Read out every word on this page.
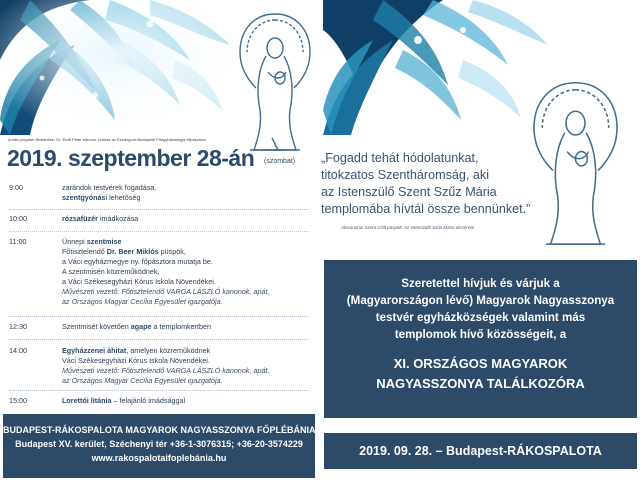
A lelki program fővédnöke: Dr. Erdő Péter bíboros, prímás az Esztergom-Budapesti Főegyházmegye főpásztora
2019. szeptember 28-án (szombat)
9:00	zarándok testvérek fogadása,
szentgyónási lehetőség
10:00	rózsafüzér imádkozása
11:00	Ünnepi szentmise
Főtisztelendő Dr. Beer Miklós püspök,
a Váci egyházmegye ny. főpásztora mutatja be.
A szentmisén közreműködnek,
a Váci Székesegyházi Kórus Iskola Növendékei.
Művészeti vezető: Főtisztelendő VARGA LÁSZLÓ kanonok, apát,
az Országos Magyar Cecília Egyesület igazgatója.
12:30	Szentmisét követően agape a templomkertben
14:00	Egyházzenei áhitat, amelyen közreműködnek
Váci Székesegyházi Kórus Iskola Növendékei.
Művészeti vezető: Főtisztelendő VARGA LÁSZLÓ kanonok, apát,
az Országos Magyar Cecília Egyesület igazgatója.
15:00	Lorettói litánia – felajánló imádsággal
BUDAPEST-RÁKOSPALOTA MAGYAROK NAGYASSZONYA FŐPLÉBÁNIA
Budapest XV. kerület, Széchenyi tér +36-1-3076315; +36-20-3574229
www.rakospalotaifoplebánia.hu
„Fogadd tehát hódolatunkat,
titokzatos Szentháromság, aki
az Istenszülő Szent Szűz Mária
templomába hívtál össze bennünket.”
Alexandriai Szent Cirill püspök: Az Istenszülő Szűz Mária dicsérete
Szeretettel hívjuk és várjuk a
(Magyarországon lévő) Magyarok Nagyasszonya
testvér egyházközségek valamint más
templomok hívő közösségeit, a
XI. ORSZÁGOS MAGYAROK
NAGYASSZONYA TALÁLKOZÓRA
2019. 09. 28. – Budapest-RÁKOSPALOTA
